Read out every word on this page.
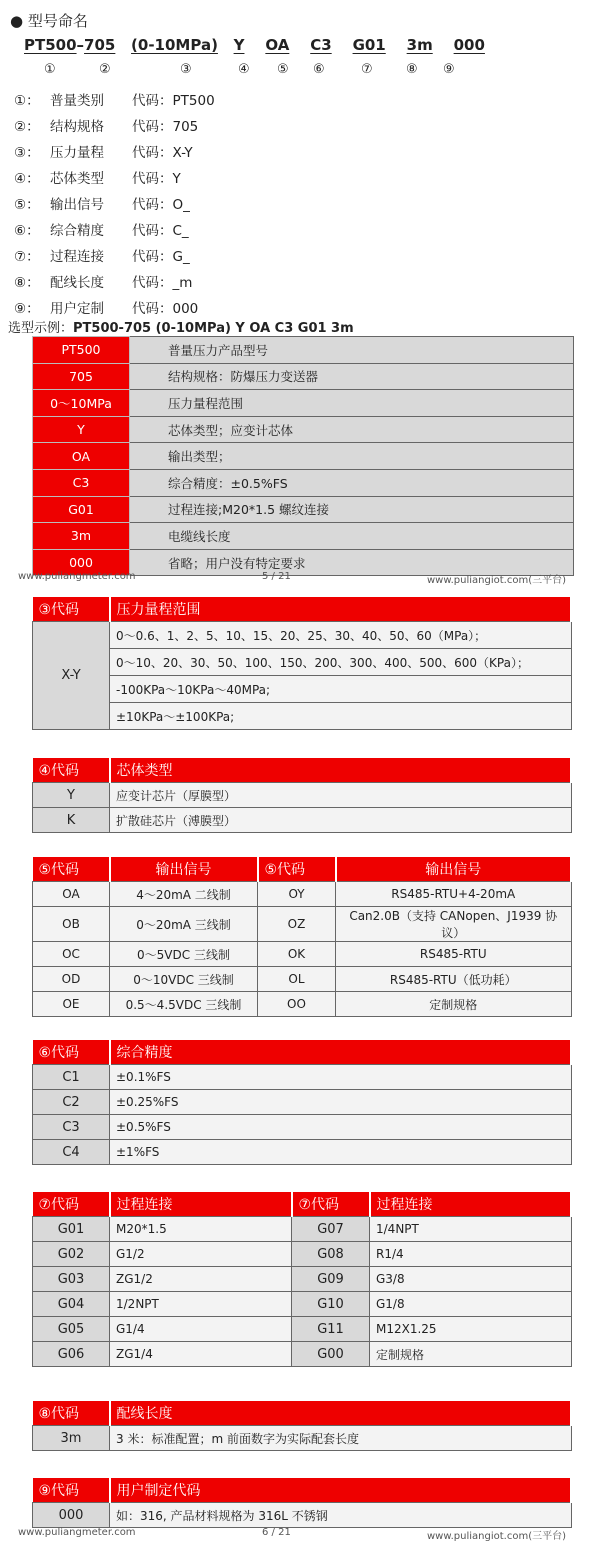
● 型号命名
PT500–705 (0-10MPa) Y OA C3 G01 3m 000
①	②	③	④ ⑤ ⑥	⑦	⑧ ⑨
①： 普量类别 代码：PT500
②： 结构规格 代码：705
③： 压力量程 代码：X-Y
④： 芯体类型 代码：Y
⑤： 输出信号 代码：O_
⑥： 综合精度 代码：C_
⑦： 过程连接 代码：G_
⑧： 配线长度 代码：_m
⑨： 用户定制 代码：000
选型示例：PT500-705 (0-10MPa) Y OA C3 G01 3m
PT500	普量压力产品型号
705	结构规格：防爆压力变送器
0～10MPa	压力量程范围
Y	芯体类型；应变计芯体
OA	输出类型；
C3	综合精度：±0.5%FS
G01	过程连接;M20*1.5 螺纹连接
3m	电缆线长度
000	省略；用户没有特定要求
www.puliangmeter.com	5 / 21	www.puliangiot.com(三平台)
③代码	压力量程范围
X-Y	0～0.6、1、2、5、10、15、20、25、30、40、50、60（MPa）；
	0～10、20、30、50、100、150、200、300、400、500、600（KPa）；
	-100KPa～10KPa～40MPa;
	±10KPa～±100KPa;
④代码	芯体类型
Y	应变计芯片（厚膜型）
K	扩散硅芯片（溥膜型）
⑤代码	输出信号	⑤代码	输出信号
OA	4～20mA 二线制	OY	RS485-RTU+4-20mA
OB	0～20mA 三线制	OZ	Can2.0B（支持 CANopen、J1939 协议）
OC	0～5VDC 三线制	OK	RS485-RTU
OD	0～10VDC 三线制	OL	RS485-RTU（低功耗）
OE	0.5～4.5VDC 三线制	OO	定制规格
⑥代码	综合精度
C1	±0.1%FS
C2	±0.25%FS
C3	±0.5%FS
C4	±1%FS
⑦代码	过程连接	⑦代码	过程连接
G01	M20*1.5	G07	1/4NPT
G02	G1/2	G08	R1/4
G03	ZG1/2	G09	G3/8
G04	1/2NPT	G10	G1/8
G05	G1/4	G11	M12X1.25
G06	ZG1/4	G00	定制规格
⑧代码	配线长度
3m	3 米：标准配置；m 前面数字为实际配套长度
⑨代码	用户制定代码
000	如：316, 产品材料规格为 316L 不锈钢
www.puliangmeter.com	6 / 21	www.puliangiot.com(三平台)
